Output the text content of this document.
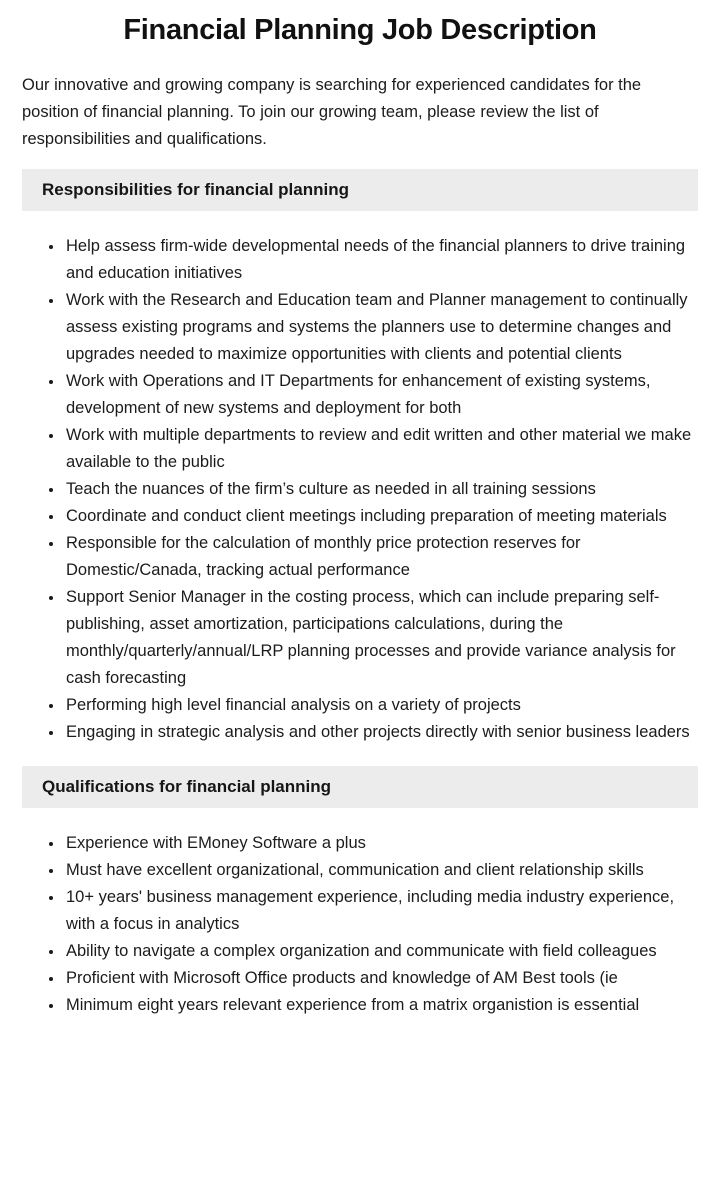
Financial Planning Job Description

Our innovative and growing company is searching for experienced candidates for the position of financial planning. To join our growing team, please review the list of responsibilities and qualifications.

Responsibilities for financial planning
• Help assess firm-wide developmental needs of the financial planners to drive training and education initiatives
• Work with the Research and Education team and Planner management to continually assess existing programs and systems the planners use to determine changes and upgrades needed to maximize opportunities with clients and potential clients
• Work with Operations and IT Departments for enhancement of existing systems, development of new systems and deployment for both
• Work with multiple departments to review and edit written and other material we make available to the public
• Teach the nuances of the firm’s culture as needed in all training sessions
• Coordinate and conduct client meetings including preparation of meeting materials
• Responsible for the calculation of monthly price protection reserves for Domestic/Canada, tracking actual performance
• Support Senior Manager in the costing process, which can include preparing self-publishing, asset amortization, participations calculations, during the monthly/quarterly/annual/LRP planning processes and provide variance analysis for cash forecasting
• Performing high level financial analysis on a variety of projects
• Engaging in strategic analysis and other projects directly with senior business leaders
Qualifications for financial planning
• Experience with EMoney Software a plus
• Must have excellent organizational, communication and client relationship skills
• 10+ years' business management experience, including media industry experience, with a focus in analytics
• Ability to navigate a complex organization and communicate with field colleagues
• Proficient with Microsoft Office products and knowledge of AM Best tools (ie
• Minimum eight years relevant experience from a matrix organistion is essential
